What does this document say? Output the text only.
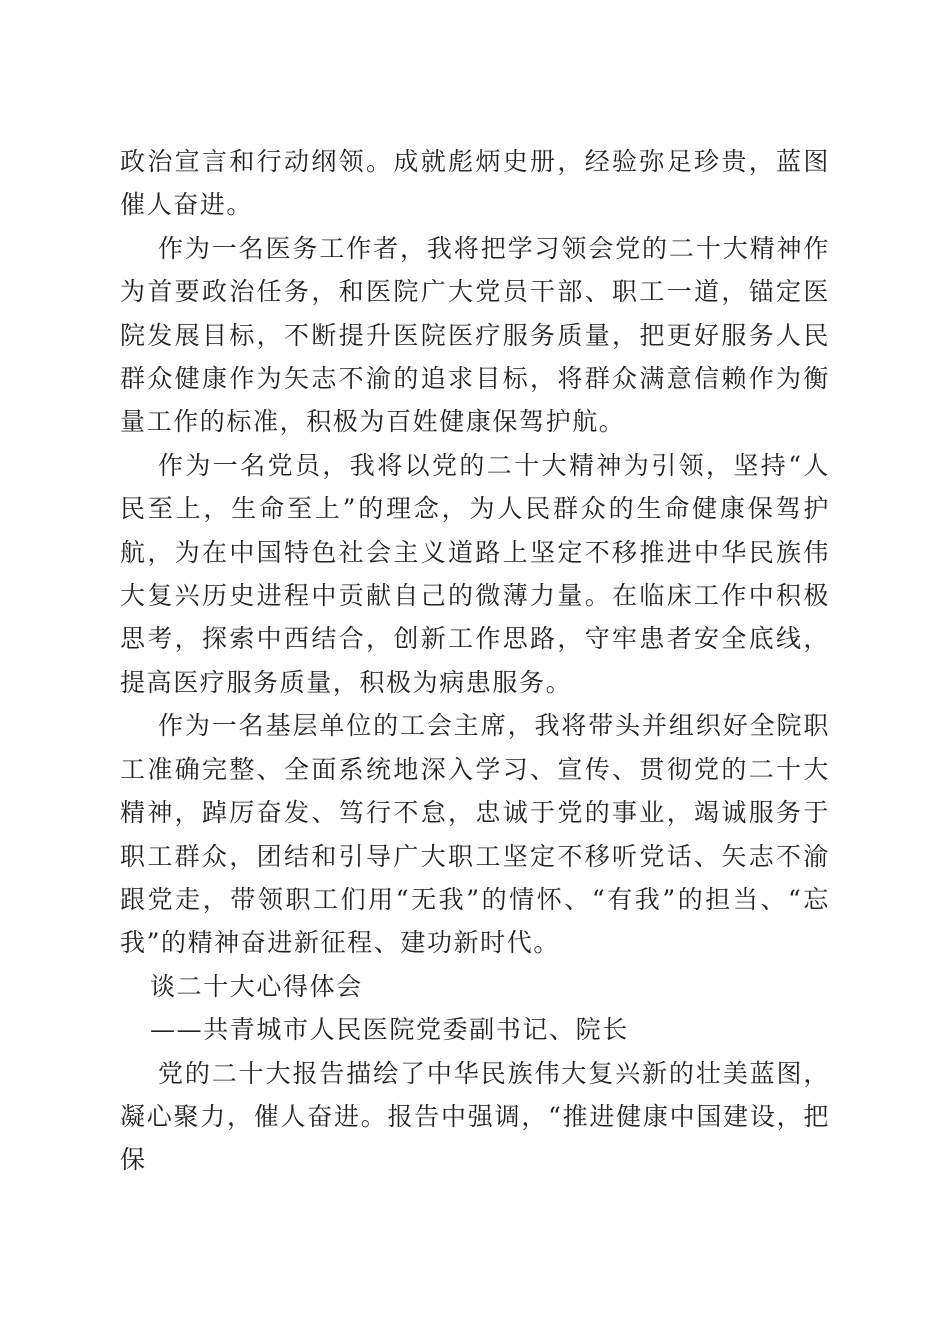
政治宣言和行动纲领。成就彪炳史册，经验弥足珍贵，蓝图催人奋进。

作为一名医务工作者，我将把学习领会党的二十大精神作为首要政治任务，和医院广大党员干部、职工一道，锚定医院发展目标，不断提升医院医疗服务质量，把更好服务人民群众健康作为矢志不渝的追求目标，将群众满意信赖作为衡量工作的标准，积极为百姓健康保驾护航。

作为一名党员，我将以党的二十大精神为引领，坚持“人民至上，生命至上”的理念，为人民群众的生命健康保驾护航，为在中国特色社会主义道路上坚定不移推进中华民族伟大复兴历史进程中贡献自己的微薄力量。在临床工作中积极思考，探索中西结合，创新工作思路，守牢患者安全底线，提高医疗服务质量，积极为病患服务。

作为一名基层单位的工会主席，我将带头并组织好全院职工准确完整、全面系统地深入学习、宣传、贯彻党的二十大精神，踔厉奋发、笃行不怠，忠诚于党的事业，竭诚服务于职工群众，团结和引导广大职工坚定不移听党话、矢志不渝跟党走，带领职工们用“无我”的情怀、“有我”的担当、“忘我”的精神奋进新征程、建功新时代。

谈二十大心得体会

——共青城市人民医院党委副书记、院长

党的二十大报告描绘了中华民族伟大复兴新的壮美蓝图，凝心聚力，催人奋进。报告中强调，“推进健康中国建设，把保
